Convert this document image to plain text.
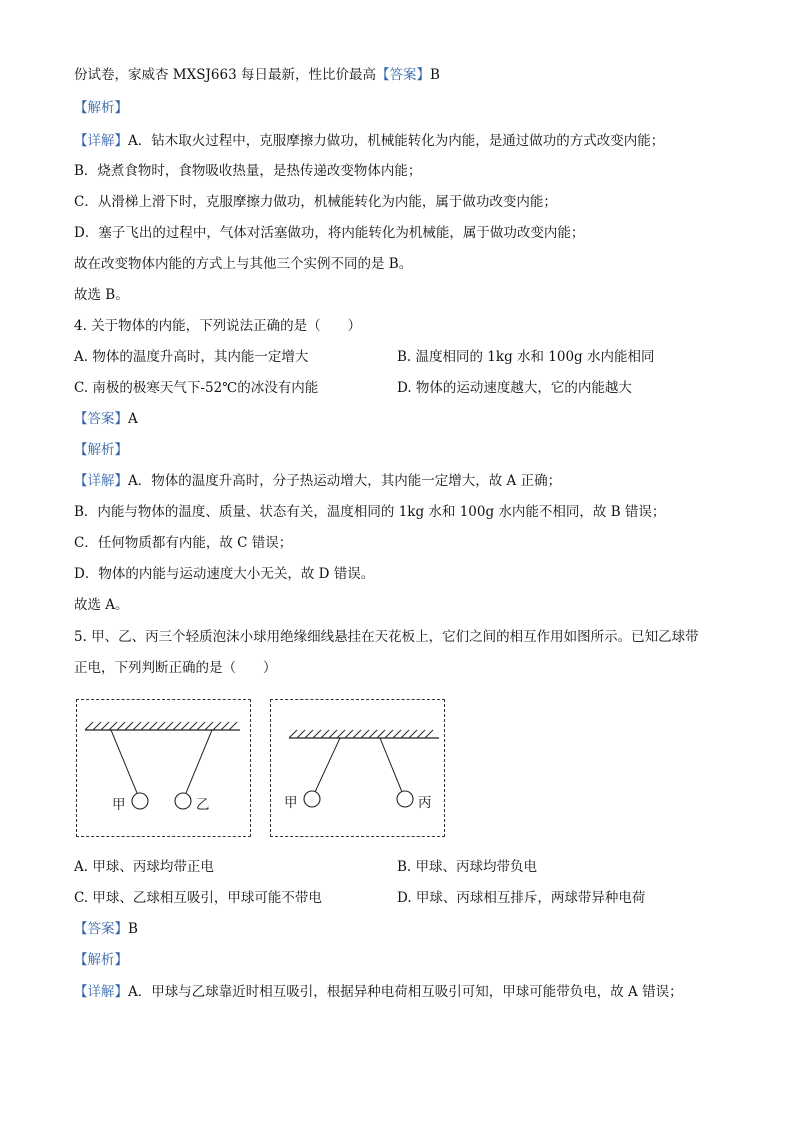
份试卷，家威杏 MXSJ663 每日最新，性比价最高【答案】B
【解析】
【详解】A．钻木取火过程中，克服摩擦力做功，机械能转化为内能，是通过做功的方式改变内能；
B．烧煮食物时，食物吸收热量，是热传递改变物体内能；
C．从滑梯上滑下时，克服摩擦力做功，机械能转化为内能，属于做功改变内能；
D．塞子飞出的过程中，气体对活塞做功，将内能转化为机械能，属于做功改变内能；
故在改变物体内能的方式上与其他三个实例不同的是 B。
故选 B。
4. 关于物体的内能，下列说法正确的是（　　）
A. 物体的温度升高时，其内能一定增大	B. 温度相同的 1kg 水和 100g 水内能相同
C. 南极的极寒天气下-52℃的冰没有内能	D. 物体的运动速度越大，它的内能越大
【答案】A
【解析】
【详解】A．物体的温度升高时，分子热运动增大，其内能一定增大，故 A 正确；
B．内能与物体的温度、质量、状态有关，温度相同的 1kg 水和 100g 水内能不相同，故 B 错误；
C．任何物质都有内能，故 C 错误；
D．物体的内能与运动速度大小无关，故 D 错误。
故选 A。
5. 甲、乙、丙三个轻质泡沫小球用绝缘细线悬挂在天花板上，它们之间的相互作用如图所示。已知乙球带
正电，下列判断正确的是（　　）
甲	乙	甲	丙
A. 甲球、丙球均带正电	B. 甲球、丙球均带负电
C. 甲球、乙球相互吸引，甲球可能不带电	D. 甲球、丙球相互排斥，两球带异种电荷
【答案】B
【解析】
【详解】A．甲球与乙球靠近时相互吸引，根据异种电荷相互吸引可知，甲球可能带负电，故 A 错误；
